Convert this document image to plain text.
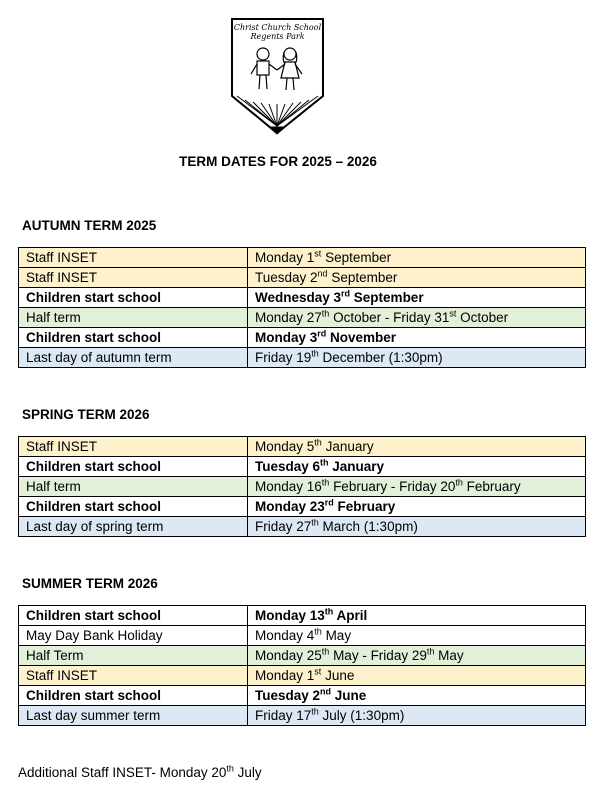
Christ Church School
Regents Park
TERM DATES FOR 2025 – 2026
AUTUMN TERM 2025
Staff INSET	Monday 1st September
Staff INSET	Tuesday 2nd September
Children start school	Wednesday 3rd September
Half term	Monday 27th October - Friday 31st October
Children start school	Monday 3rd November
Last day of autumn term	Friday 19th December (1:30pm)
SPRING TERM 2026
Staff INSET	Monday 5th January
Children start school	Tuesday 6th January
Half term	Monday 16th February - Friday 20th February
Children start school	Monday 23rd February
Last day of spring term	Friday 27th March (1:30pm)
SUMMER TERM 2026
Children start school	Monday 13th April
May Day Bank Holiday	Monday 4th May
Half Term	Monday 25th May - Friday 29th May
Staff INSET	Monday 1st June
Children start school	Tuesday 2nd June
Last day summer term	Friday 17th July (1:30pm)
Additional Staff INSET- Monday 20th July
